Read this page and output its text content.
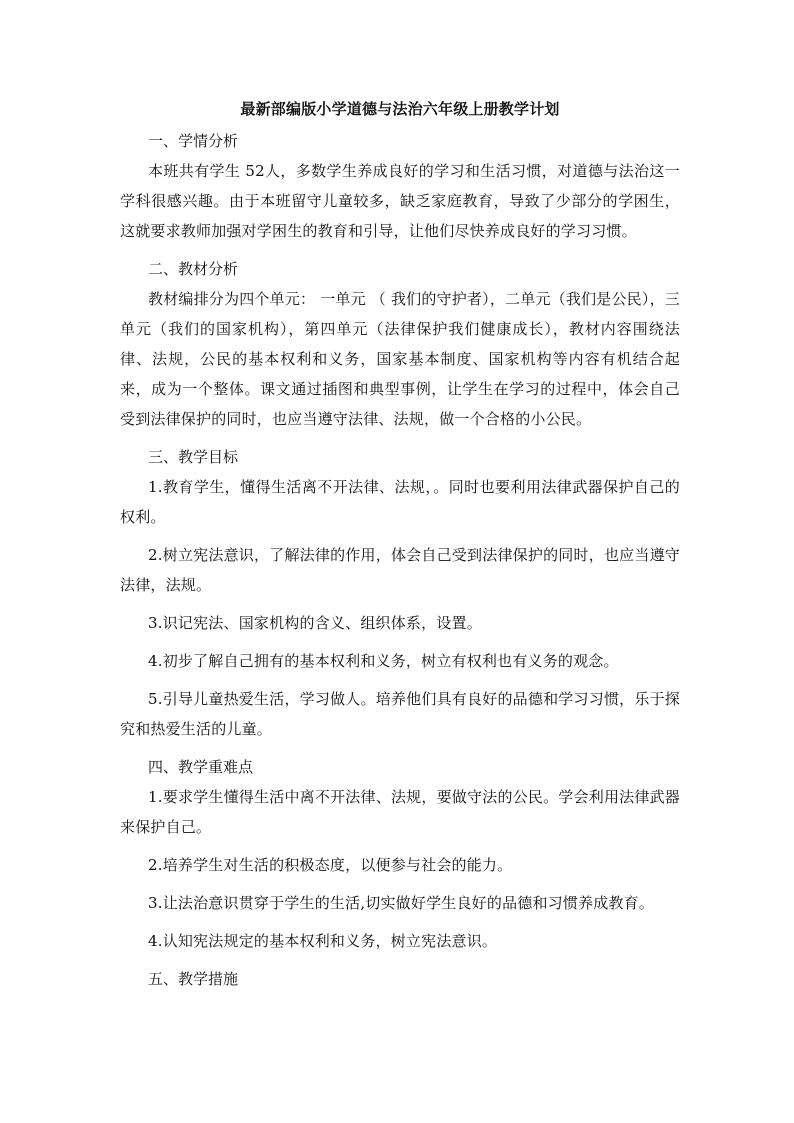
最新部编版小学道德与法治六年级上册教学计划

一、学情分析

本班共有学生 52人，多数学生养成良好的学习和生活习惯，对道德与法治这一学科很感兴趣。由于本班留守儿童较多，缺乏家庭教育，导致了少部分的学困生，这就要求教师加强对学困生的教育和引导，让他们尽快养成良好的学习习惯。

二、教材分析

教材编排分为四个单元： 一单元 （ 我们的守护者），二单元（我们是公民），三单元（我们的国家机构），第四单元（法律保护我们健康成长），教材内容围绕法律、法规，公民的基本权利和义务，国家基本制度、国家机构等内容有机结合起来，成为一个整体。课文通过插图和典型事例，让学生在学习的过程中，体会自己受到法律保护的同时，也应当遵守法律、法规，做一个合格的小公民。

三、教学目标

1.教育学生，懂得生活离不开法律、法规，。同时也要利用法律武器保护自己的权利。

2.树立宪法意识，了解法律的作用，体会自己受到法律保护的同时，也应当遵守法律，法规。

3.识记宪法、国家机构的含义、组织体系，设置。

4.初步了解自己拥有的基本权利和义务，树立有权利也有义务的观念。

5.引导儿童热爱生活，学习做人。培养他们具有良好的品德和学习习惯，乐于探究和热爱生活的儿童。

四、教学重难点

1.要求学生懂得生活中离不开法律、法规，要做守法的公民。学会利用法律武器来保护自己。

2.培养学生对生活的积极态度，以便参与社会的能力。

3.让法治意识贯穿于学生的生活,切实做好学生良好的品德和习惯养成教育。

4.认知宪法规定的基本权利和义务，树立宪法意识。

五、教学措施
